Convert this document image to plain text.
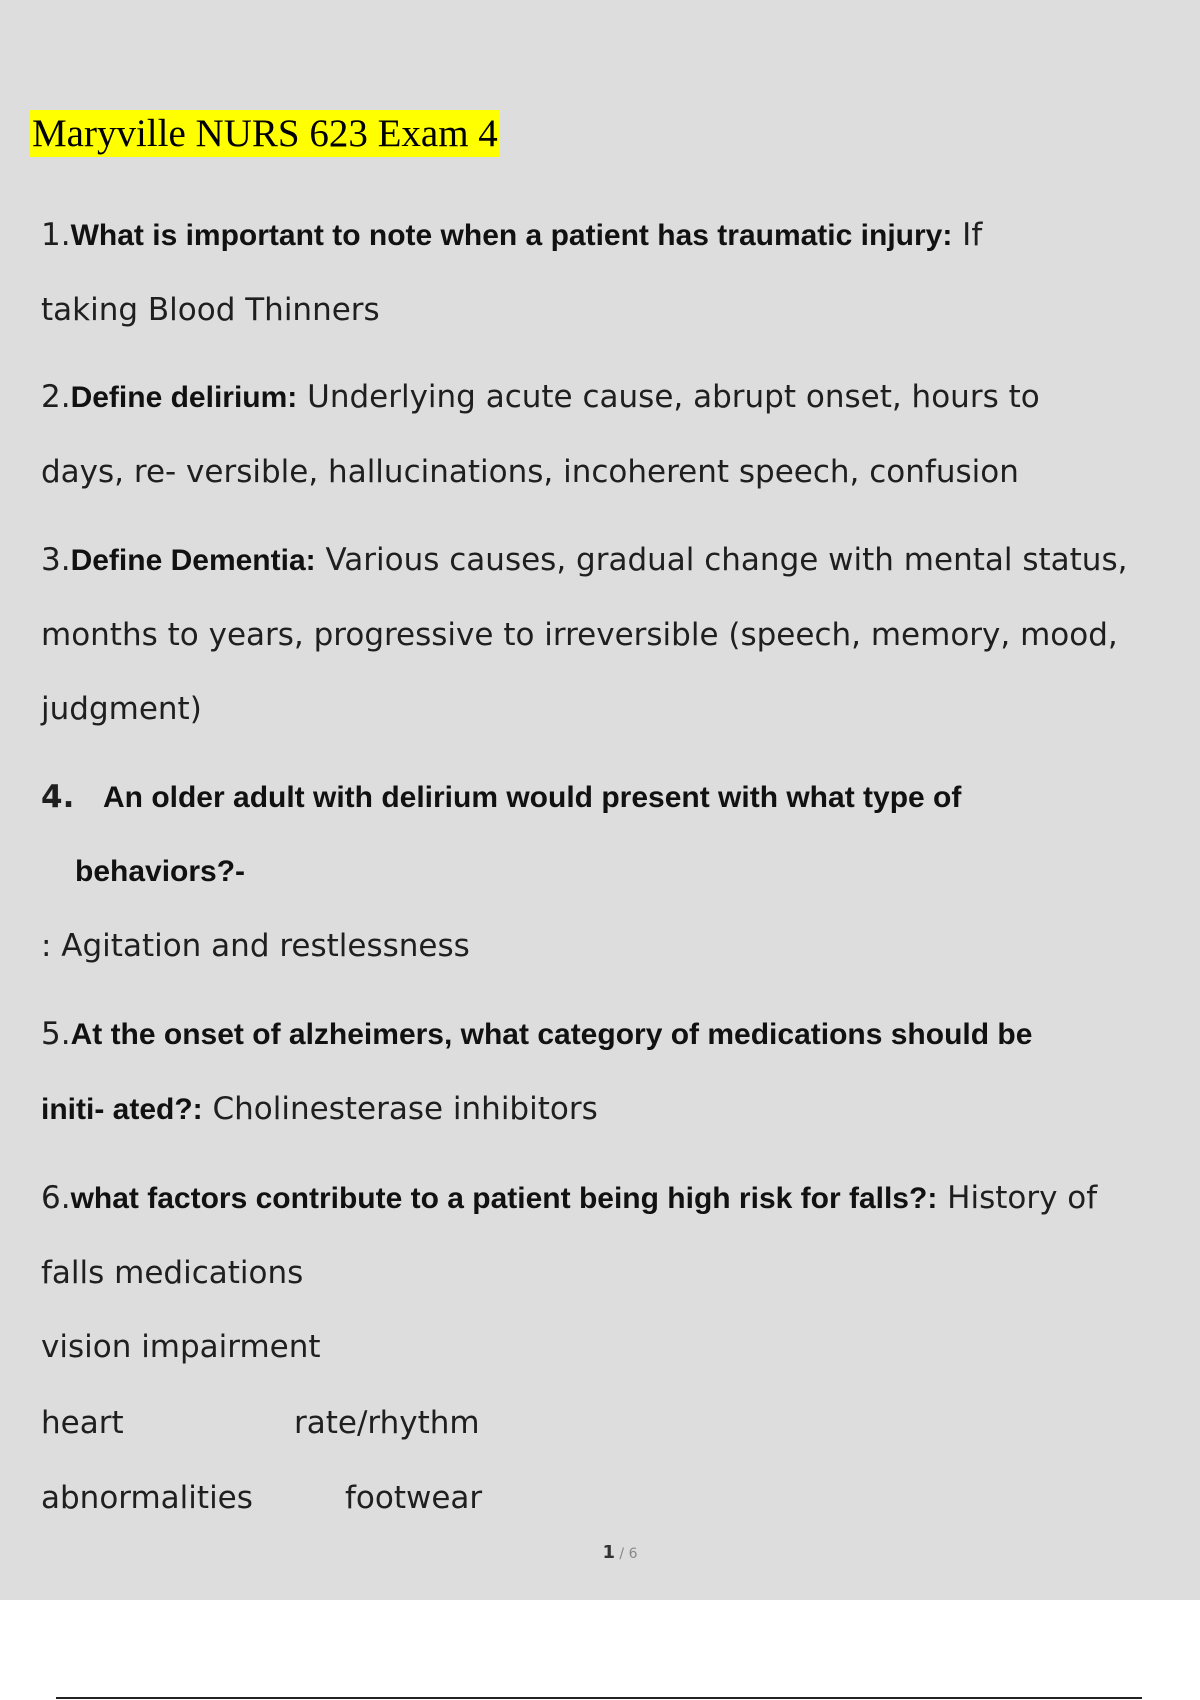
Maryville NURS 623 Exam 4
1.What is important to note when a patient has traumatic injury: If
taking Blood Thinners
2.Define delirium: Underlying acute cause, abrupt onset, hours to
days, re- versible, hallucinations, incoherent speech, confusion
3.Define Dementia: Various causes, gradual change with mental status,
months to years, progressive to irreversible (speech, memory, mood,
judgment)
4. An older adult with delirium would present with what type of
behaviors?-
: Agitation and restlessness
5.At the onset of alzheimers, what category of medications should be
initi- ated?: Cholinesterase inhibitors
6.what factors contribute to a patient being high risk for falls?: History of
falls medications
vision impairment
heart	rate/rhythm
abnormalities	footwear
1 / 6
